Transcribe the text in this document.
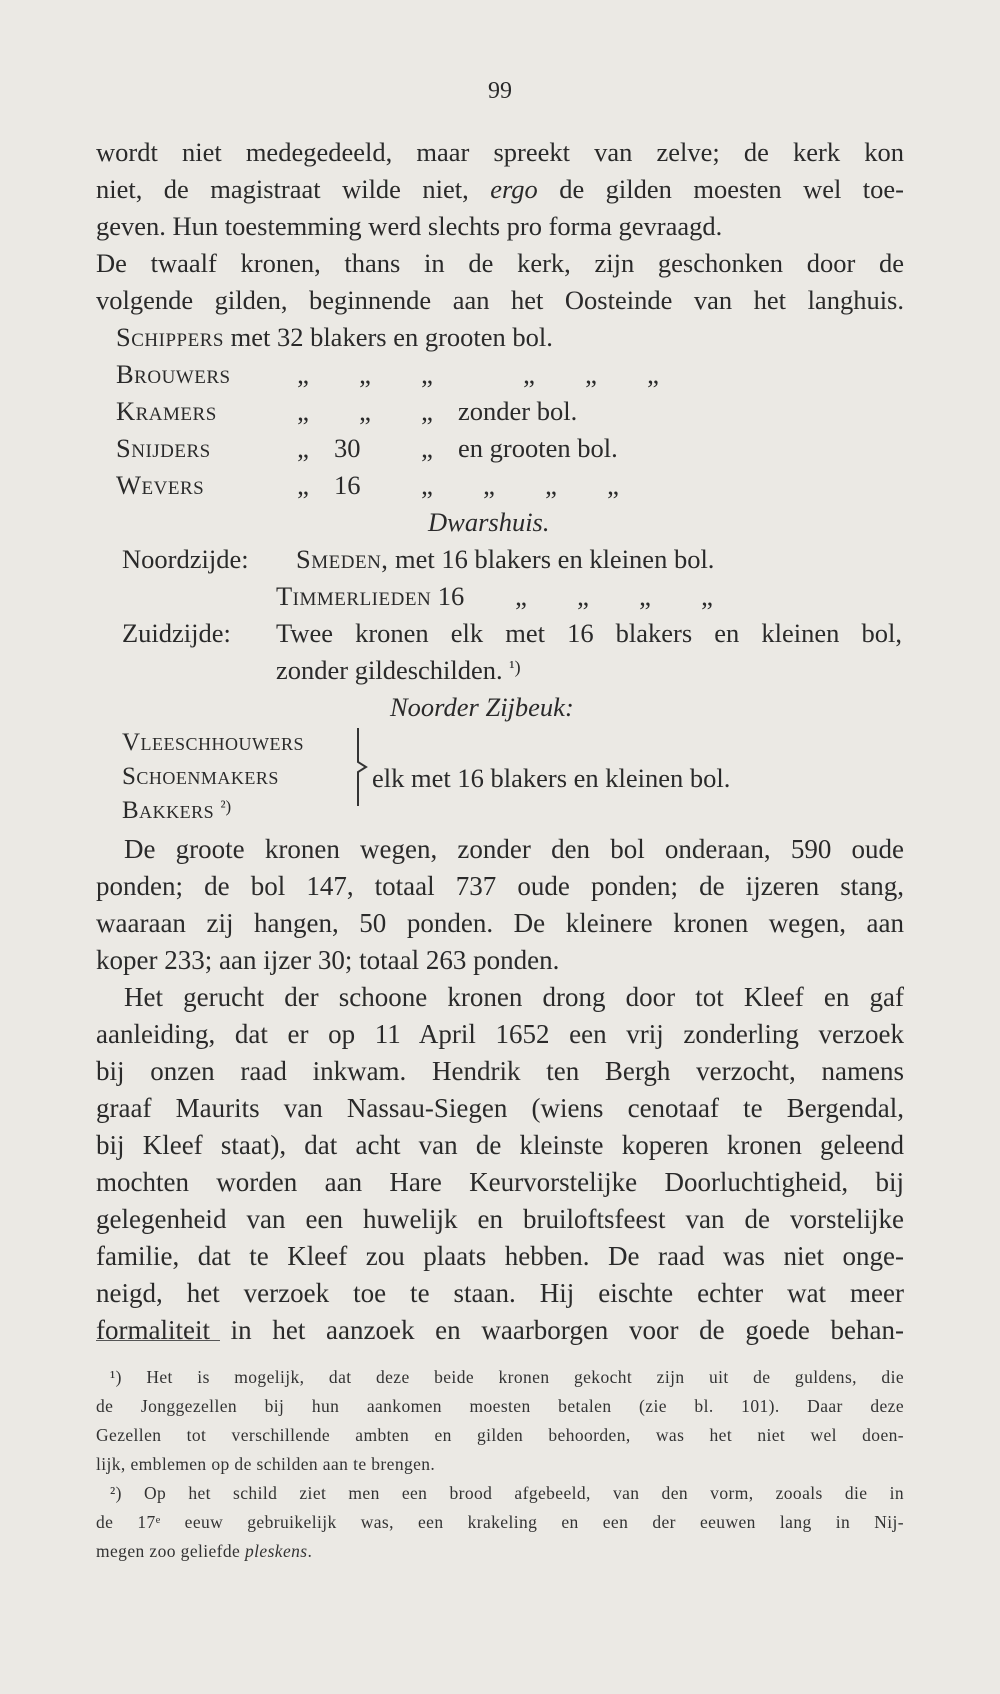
99
wordt niet medegedeeld, maar spreekt van zelve; de kerk kon
niet, de magistraat wilde niet, ergo de gilden moesten wel toe-
geven. Hun toestemming werd slechts pro forma gevraagd.
De twaalf kronen, thans in de kerk, zijn geschonken door de
volgende gilden, beginnende aan het Oosteinde van het langhuis.
Schippers met 32 blakers en grooten bol.
Brouwers	„ „ „	„ „ „
Kramers	„ „ „ zonder bol.
Snijders	„ 30 „ en grooten bol.
Wevers	„ 16 „ „ „ „
Dwarshuis.
Noordzijde: Smeden, met 16 blakers en kleinen bol.
Timmerlieden 16	„ „ „ „
Zuidzijde: Twee kronen elk met 16 blakers en kleinen bol,
zonder gildeschilden. $^{^1)}$
Noorder Zijbeuk:
Vleeschhouwers
Schoenmakers
Bakkers $^{^2)}$
elk met 16 blakers en kleinen bol.
De groote kronen wegen, zonder den bol onderaan, 590 oude
ponden; de bol 147, totaal 737 oude ponden; de ijzeren stang,
waaraan zij hangen, 50 ponden. De kleinere kronen wegen, aan
koper 233; aan ijzer 30; totaal 263 ponden.
Het gerucht der schoone kronen drong door tot Kleef en gaf
aanleiding, dat er op 11 April 1652 een vrij zonderling verzoek
bij onzen raad inkwam. Hendrik ten Bergh verzocht, namens
graaf Maurits van Nassau-Siegen (wiens cenotaaf te Bergendal,
bij Kleef staat), dat acht van de kleinste koperen kronen geleend
mochten worden aan Hare Keurvorstelijke Doorluchtigheid, bij
gelegenheid van een huwelijk en bruiloftsfeest van de vorstelijke
familie, dat te Kleef zou plaats hebben. De raad was niet onge-
neigd, het verzoek toe te staan. Hij eischte echter wat meer
formaliteit in het aanzoek en waarborgen voor de goede behan-
¹) Het is mogelijk, dat deze beide kronen gekocht zijn uit de guldens, die
de Jonggezellen bij hun aankomen moesten betalen (zie bl. 101). Daar deze
Gezellen tot verschillende ambten en gilden behoorden, was het niet wel doen-
lijk, emblemen op de schilden aan te brengen.
²) Op het schild ziet men een brood afgebeeld, van den vorm, zooals die in
de 17ᵉ eeuw gebruikelijk was, een krakeling en een der eeuwen lang in Nij-
megen zoo geliefde pleskens.
